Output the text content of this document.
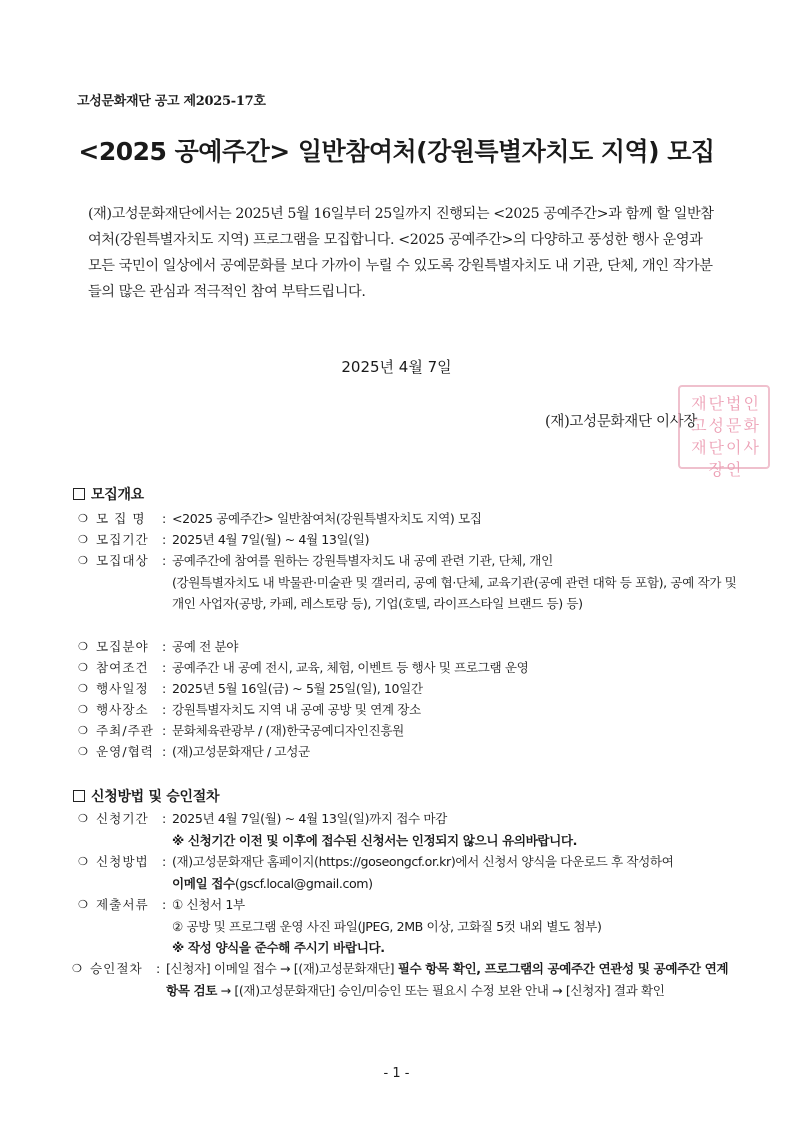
고성문화재단 공고 제2025-17호
<2025 공예주간> 일반참여처(강원특별자치도 지역) 모집
(재)고성문화재단에서는 2025년 5월 16일부터 25일까지 진행되는 <2025 공예주간>과 함께 할 일반참여처(강원특별자치도 지역) 프로그램을 모집합니다. <2025 공예주간>의 다양하고 풍성한 행사 운영과 모든 국민이 일상에서 공예문화를 보다 가까이 누릴 수 있도록 강원특별자치도 내 기관, 단체, 개인 작가분들의 많은 관심과 적극적인 참여 부탁드립니다.
2025년 4월 7일
(재)고성문화재단 이사장
재단법인고성문화재단이사장인
모집개요
❍ 모 집 명	: <2025 공예주간> 일반참여처(강원특별자치도 지역) 모집
❍ 모집기간	: 2025년 4월 7일(월) ~ 4월 13일(일)
❍ 모집대상	: 공예주간에 참여를 원하는 강원특별자치도 내 공예 관련 기관, 단체, 개인
(강원특별자치도 내 박물관·미술관 및 갤러리, 공예 협·단체, 교육기관(공예 관련 대학 등 포함), 공예 작가 및 개인 사업자(공방, 카페, 레스토랑 등), 기업(호텔, 라이프스타일 브랜드 등) 등)
❍ 모집분야	: 공예 전 분야
❍ 참여조건	: 공예주간 내 공예 전시, 교육, 체험, 이벤트 등 행사 및 프로그램 운영
❍ 행사일정	: 2025년 5월 16일(금) ~ 5월 25일(일), 10일간
❍ 행사장소	: 강원특별자치도 지역 내 공예 공방 및 연계 장소
❍ 주최/주관 : 문화체육관광부 / (재)한국공예디자인진흥원
❍ 운영/협력 : (재)고성문화재단 / 고성군
신청방법 및 승인절차
❍ 신청기간	: 2025년 4월 7일(월) ~ 4월 13일(일)까지 접수 마감
※ 신청기간 이전 및 이후에 접수된 신청서는 인정되지 않으니 유의바랍니다.
❍ 신청방법	: (재)고성문화재단 홈페이지(https://goseongcf.or.kr)에서 신청서 양식을 다운로드 후 작성하여
이메일 접수(gscf.local@gmail.com)
❍ 제출서류	: ① 신청서 1부
② 공방 및 프로그램 운영 사진 파일(JPEG, 2MB 이상, 고화질 5컷 내외 별도 첨부)
※ 작성 양식을 준수해 주시기 바랍니다.
❍ 승인절차	: [신청자] 이메일 접수 → [(재)고성문화재단] 필수 항목 확인, 프로그램의 공예주간 연관성 및 공예주간 연계 항목 검토 → [(재)고성문화재단] 승인/미승인 또는 필요시 수정 보완 안내 → [신청자] 결과 확인
- 1 -
